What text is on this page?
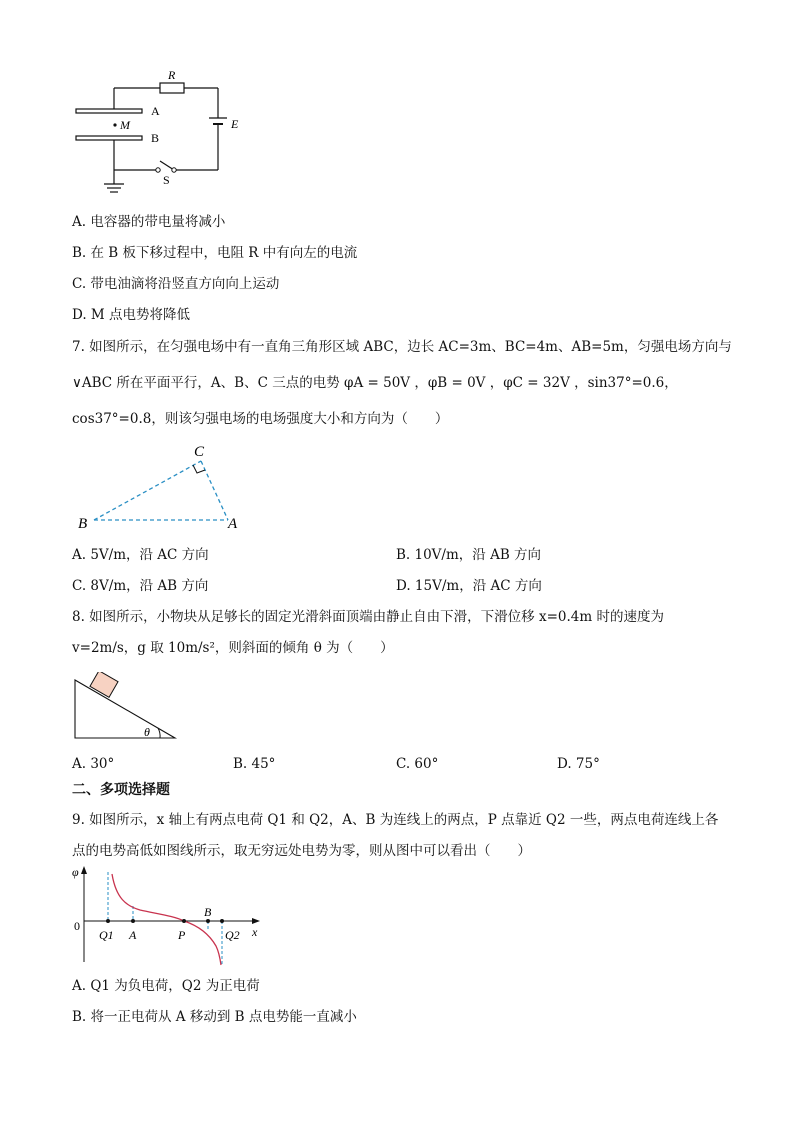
R
A
B
M	E
S
A. 电容器的带电量将减小
B. 在 B 板下移过程中，电阻 R 中有向左的电流
C. 带电油滴将沿竖直方向向上运动
D. M 点电势将降低
7. 如图所示，在匀强电场中有一直角三角形区域 ABC，边长 AC=3m、BC=4m、AB=5m，匀强电场方向与
∨ABC 所在平面平行，A、B、C 三点的电势 φA = 50V ，φB = 0V ，φC = 32V ，sin37°=0.6，
cos37°=0.8，则该匀强电场的电场强度大小和方向为（　　）
C
B	A
A. 5V/m，沿 AC 方向	B. 10V/m，沿 AB 方向
C. 8V/m，沿 AB 方向	D. 15V/m，沿 AC 方向
8. 如图所示，小物块从足够长的固定光滑斜面顶端由静止自由下滑，下滑位移 x=0.4m 时的速度为
v=2m/s，g 取 10m/s²，则斜面的倾角 θ 为（　　）
θ
A. 30°	B. 45°	C. 60°	D. 75°
二、多项选择题
9. 如图所示，x 轴上有两点电荷 Q1 和 Q2，A、B 为连线上的两点，P 点靠近 Q2 一些，两点电荷连线上各
点的电势高低如图线所示，取无穷远处电势为零，则从图中可以看出（　　）
φ
0
Q1 A	P
B
Q2 x
A. Q1 为负电荷，Q2 为正电荷
B. 将一正电荷从 A 移动到 B 点电势能一直减小
